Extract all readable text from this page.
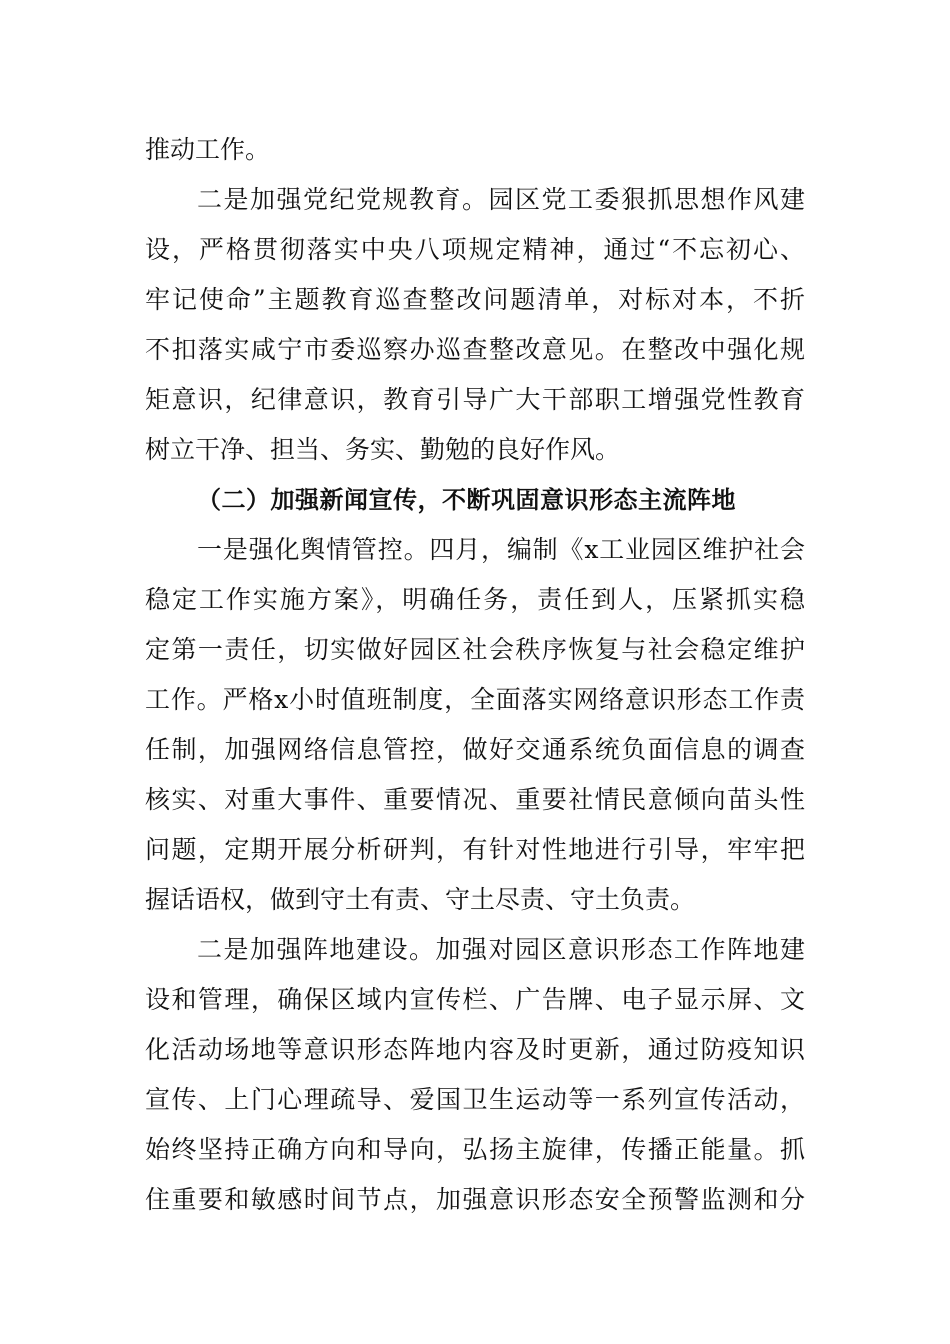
推动工作。
二是加强党纪党规教育。园区党工委狠抓思想作风建
设，严格贯彻落实中央八项规定精神，通过“不忘初心、
牢记使命”主题教育巡查整改问题清单，对标对本，不折
不扣落实咸宁市委巡察办巡查整改意见。在整改中强化规
矩意识，纪律意识，教育引导广大干部职工增强党性教育
树立干净、担当、务实、勤勉的良好作风。
（二）加强新闻宣传，不断巩固意识形态主流阵地
一是强化舆情管控。四月，编制《x工业园区维护社会
稳定工作实施方案》，明确任务，责任到人，压紧抓实稳
定第一责任，切实做好园区社会秩序恢复与社会稳定维护
工作。严格x小时值班制度，全面落实网络意识形态工作责
任制，加强网络信息管控，做好交通系统负面信息的调查
核实、对重大事件、重要情况、重要社情民意倾向苗头性
问题，定期开展分析研判，有针对性地进行引导，牢牢把
握话语权，做到守土有责、守土尽责、守土负责。
二是加强阵地建设。加强对园区意识形态工作阵地建
设和管理，确保区域内宣传栏、广告牌、电子显示屏、文
化活动场地等意识形态阵地内容及时更新，通过防疫知识
宣传、上门心理疏导、爱国卫生运动等一系列宣传活动，
始终坚持正确方向和导向，弘扬主旋律，传播正能量。抓
住重要和敏感时间节点，加强意识形态安全预警监测和分
